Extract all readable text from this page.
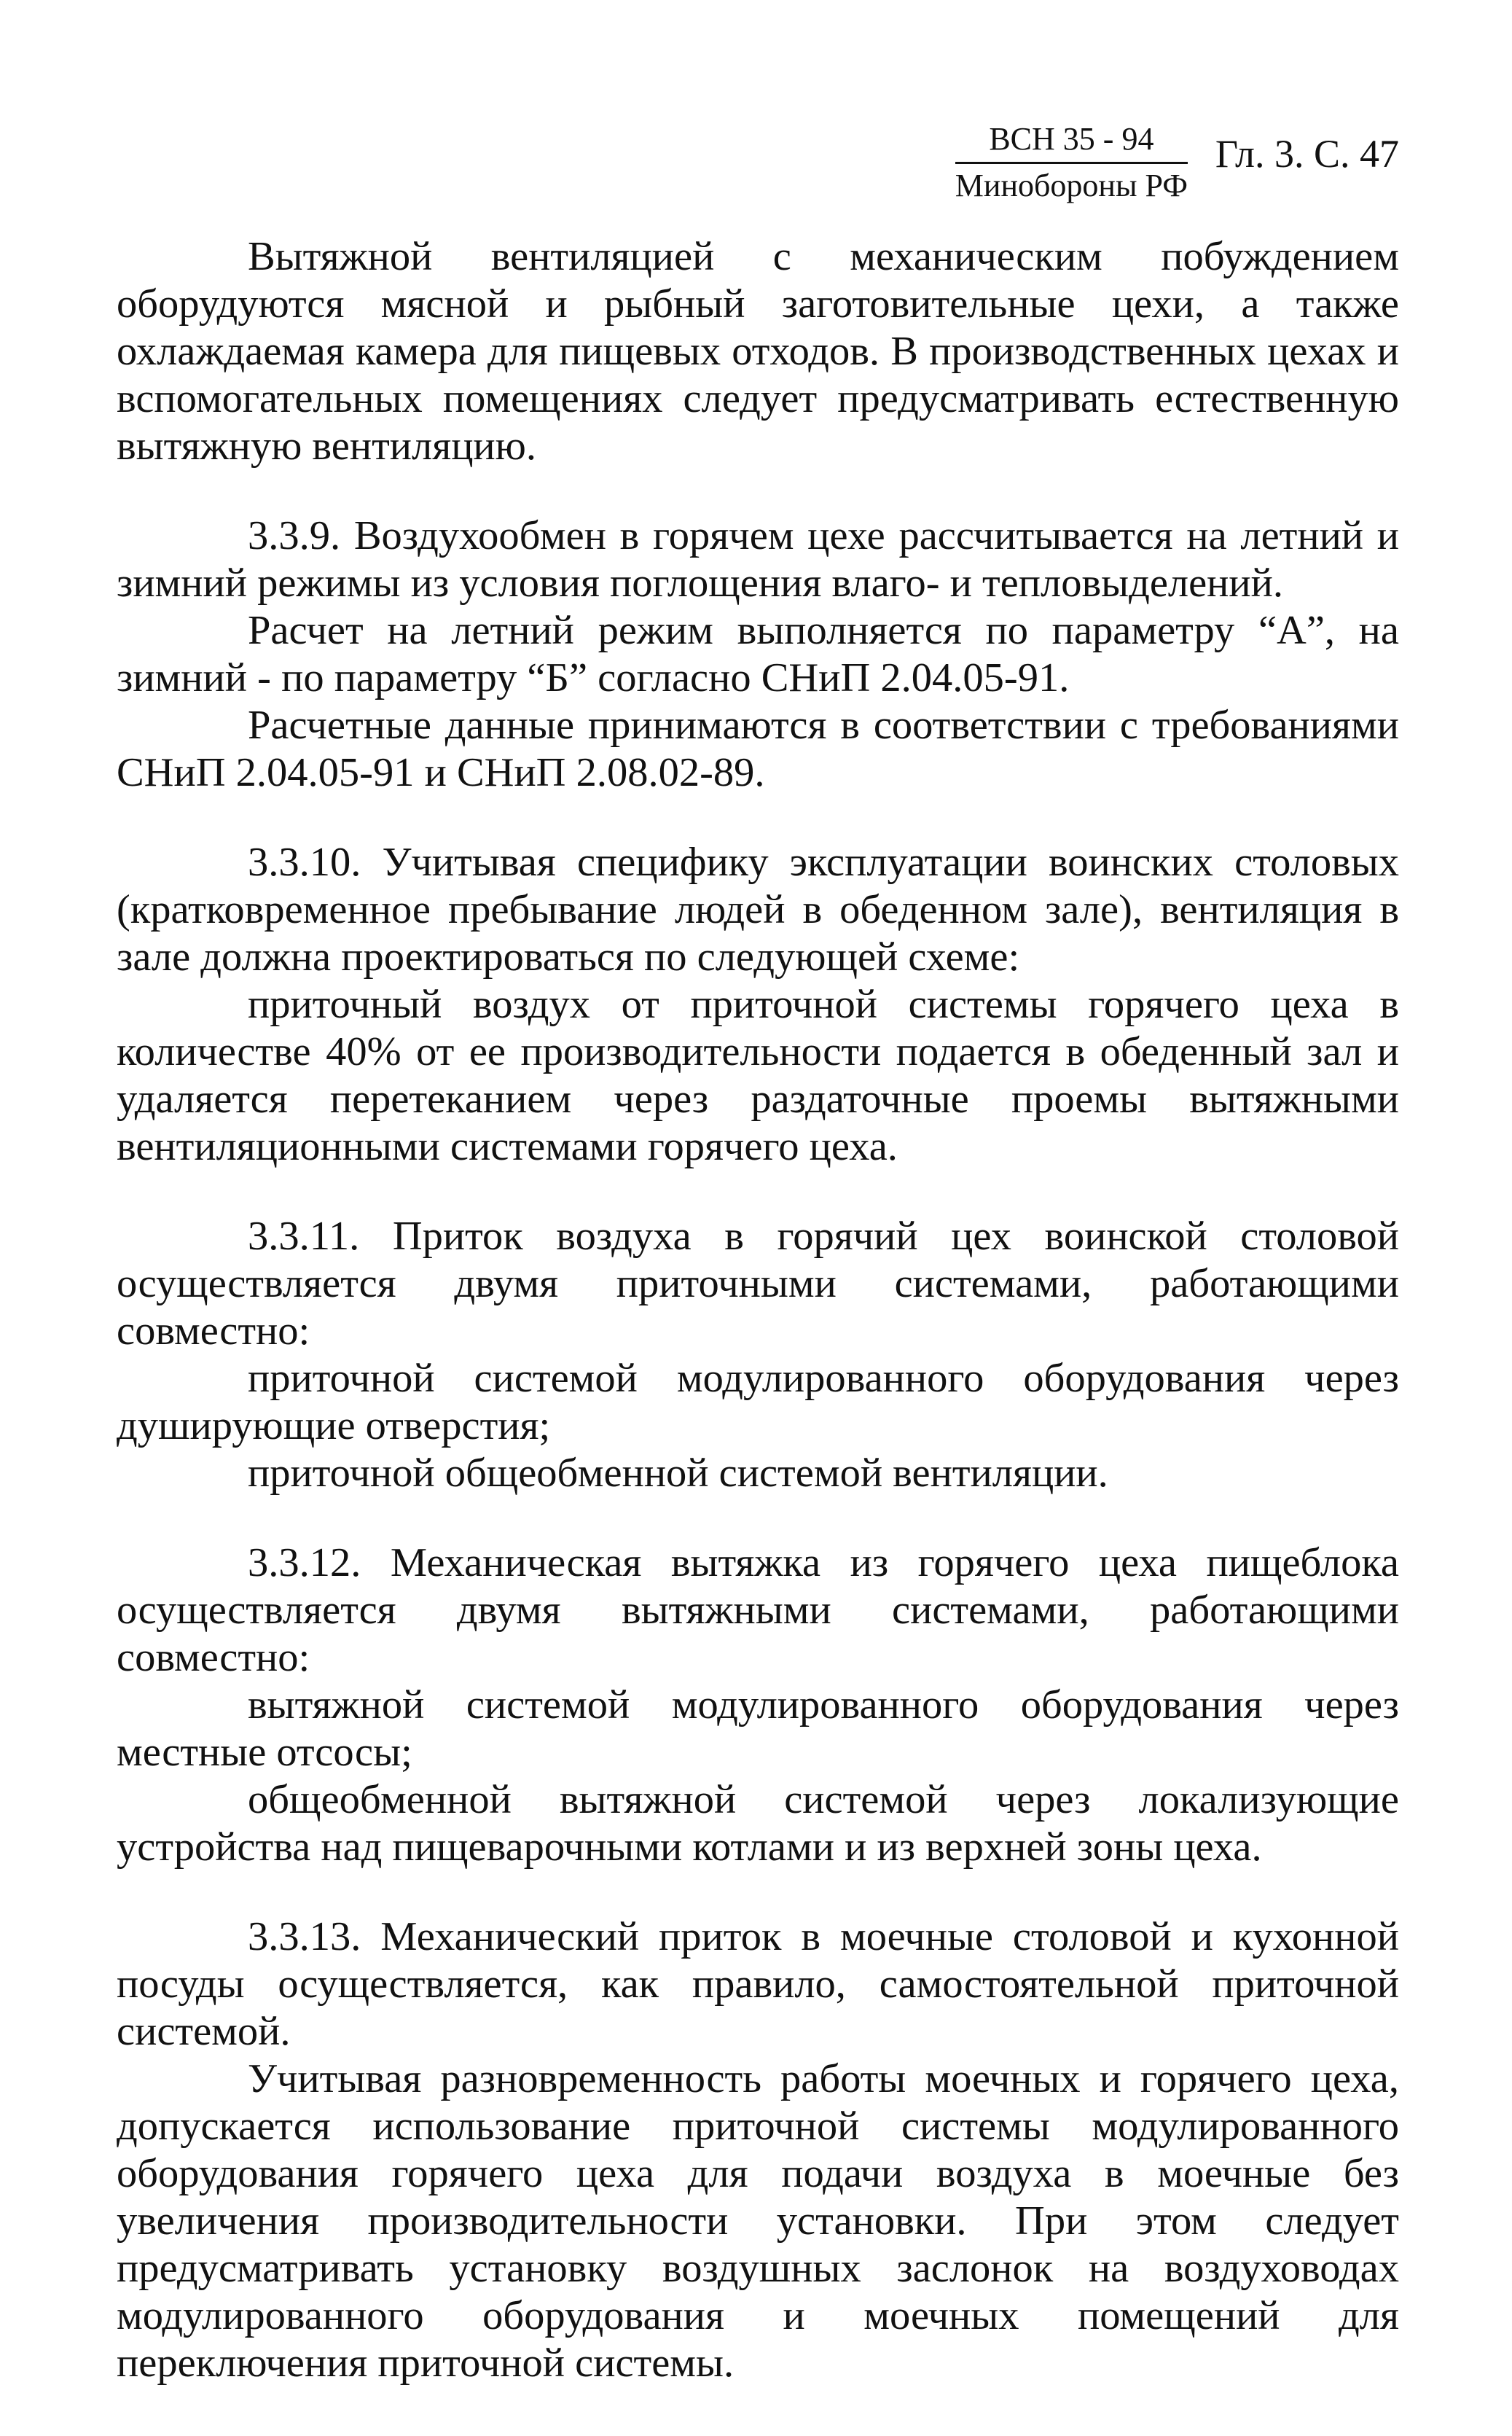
ВСН 35 - 94
Минобороны РФ
Гл. 3. С. 47

Вытяжной вентиляцией с механическим побуждением оборудуются мясной и рыбный заготовительные цехи, а также охлаждаемая камера для пищевых отходов. В производственных цехах и вспомогательных помещениях следует предусматривать естественную вытяжную вентиляцию.

3.3.9. Воздухообмен в горячем цехе рассчитывается на летний и зимний режимы из условия поглощения влаго- и тепловыделений.

Расчет на летний режим выполняется по параметру “А”, на зимний - по параметру “Б” согласно СНиП 2.04.05-91.

Расчетные данные принимаются в соответствии с требованиями СНиП 2.04.05-91 и СНиП 2.08.02-89.

3.3.10. Учитывая специфику эксплуатации воинских столовых (кратковременное пребывание людей в обеденном зале), вентиляция в зале должна проектироваться по следующей схеме:

приточный воздух от приточной системы горячего цеха в количестве 40% от ее производительности подается в обеденный зал и удаляется перетеканием через раздаточные проемы вытяжными вентиляционными системами горячего цеха.

3.3.11. Приток воздуха в горячий цех воинской столовой осуществляется двумя приточными системами, работающими совместно:

приточной системой модулированного оборудования через душирующие отверстия;

приточной общеобменной системой вентиляции.

3.3.12. Механическая вытяжка из горячего цеха пищеблока осуществляется двумя вытяжными системами, работающими совместно:

вытяжной системой модулированного оборудования через местные отсосы;

общеобменной вытяжной системой через локализующие устройства над пищеварочными котлами и из верхней зоны цеха.

3.3.13. Механический приток в моечные столовой и кухонной посуды осуществляется, как правило, самостоятельной приточной системой.

Учитывая разновременность работы моечных и горячего цеха, допускается использование приточной системы модулированного оборудования горячего цеха для подачи воздуха в моечные без увеличения производительности установки. При этом следует предусматривать установку воздушных заслонок на воздуховодах модулированного оборудования и моечных помещений для переключения приточной системы.
